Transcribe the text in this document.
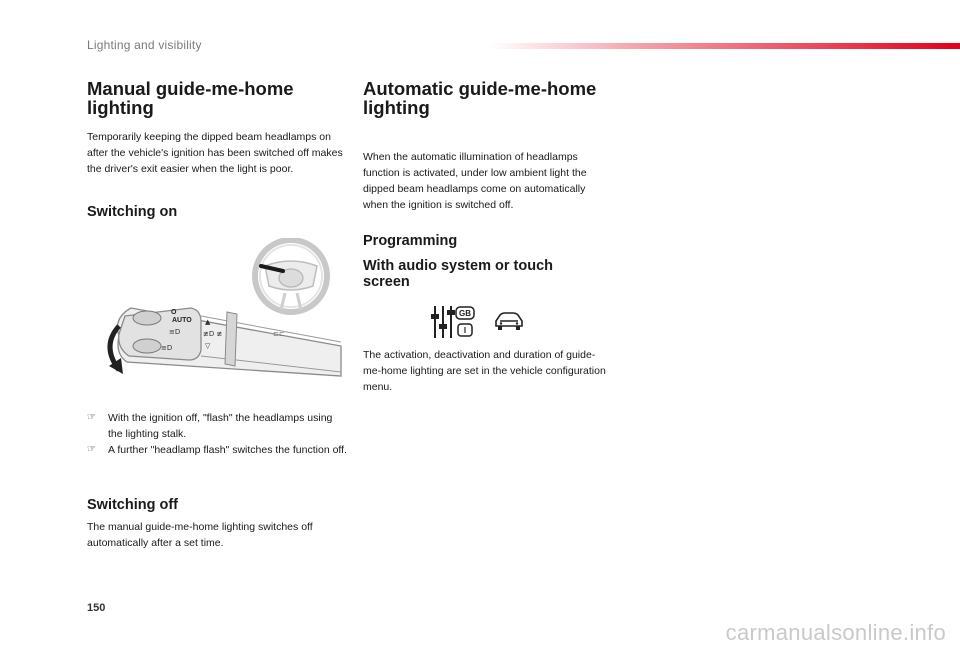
Lighting and visibility
Manual guide-me-home lighting
Temporarily keeping the dipped beam headlamps on after the vehicle's ignition has been switched off makes the driver's exit easier when the light is poor.
Switching on
AUTO
O
≡D
≡D
▲
≢D ≢
▽
⊏⊏
☞ With the ignition off, "flash" the headlamps using the lighting stalk.
☞ A further "headlamp flash" switches the function off.
Switching off
The manual guide-me-home lighting switches off automatically after a set time.
Automatic guide-me-home lighting
When the automatic illumination of headlamps function is activated, under low ambient light the dipped beam headlamps come on automatically when the ignition is switched off.
Programming
With audio system or touch screen
GB
I
The activation, deactivation and duration of guide-me-home lighting are set in the vehicle configuration menu.
150
carmanualsonline.info
